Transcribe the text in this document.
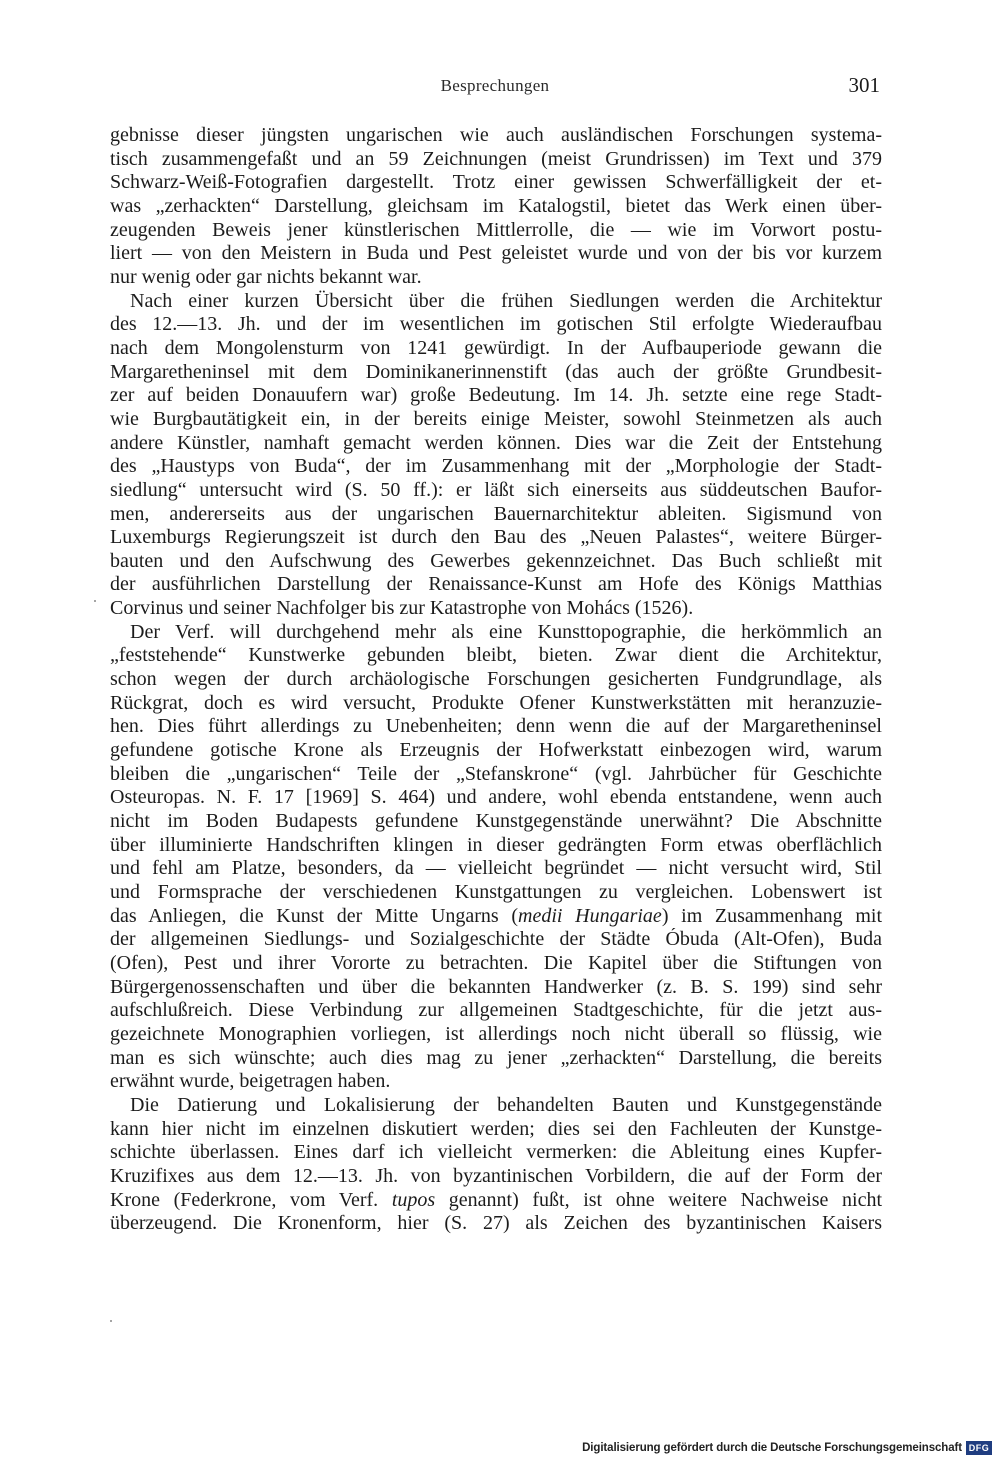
Besprechungen	301
gebnisse dieser jüngsten ungarischen wie auch ausländischen Forschungen systema-
tisch zusammengefaßt und an 59 Zeichnungen (meist Grundrissen) im Text und 379
Schwarz-Weiß-Fotografien dargestellt. Trotz einer gewissen Schwerfälligkeit der et-
was „zerhackten“ Darstellung, gleichsam im Katalogstil, bietet das Werk einen über-
zeugenden Beweis jener künstlerischen Mittlerrolle, die — wie im Vorwort postu-
liert — von den Meistern in Buda und Pest geleistet wurde und von der bis vor kurzem
nur wenig oder gar nichts bekannt war.
Nach einer kurzen Übersicht über die frühen Siedlungen werden die Architektur
des 12.—13. Jh. und der im wesentlichen im gotischen Stil erfolgte Wiederaufbau
nach dem Mongolensturm von 1241 gewürdigt. In der Aufbauperiode gewann die
Margaretheninsel mit dem Dominikanerinnenstift (das auch der größte Grundbesit-
zer auf beiden Donauufern war) große Bedeutung. Im 14. Jh. setzte eine rege Stadt-
wie Burgbautätigkeit ein, in der bereits einige Meister, sowohl Steinmetzen als auch
andere Künstler, namhaft gemacht werden können. Dies war die Zeit der Entstehung
des „Haustyps von Buda“, der im Zusammenhang mit der „Morphologie der Stadt-
siedlung“ untersucht wird (S. 50 ff.): er läßt sich einerseits aus süddeutschen Baufor-
men, andererseits aus der ungarischen Bauernarchitektur ableiten. Sigismund von
Luxemburgs Regierungszeit ist durch den Bau des „Neuen Palastes“, weitere Bürger-
bauten und den Aufschwung des Gewerbes gekennzeichnet. Das Buch schließt mit
der ausführlichen Darstellung der Renaissance-Kunst am Hofe des Königs Matthias
Corvinus und seiner Nachfolger bis zur Katastrophe von Mohács (1526).
Der Verf. will durchgehend mehr als eine Kunsttopographie, die herkömmlich an
„feststehende“ Kunstwerke gebunden bleibt, bieten. Zwar dient die Architektur,
schon wegen der durch archäologische Forschungen gesicherten Fundgrundlage, als
Rückgrat, doch es wird versucht, Produkte Ofener Kunstwerkstätten mit heranzuzie-
hen. Dies führt allerdings zu Unebenheiten; denn wenn die auf der Margaretheninsel
gefundene gotische Krone als Erzeugnis der Hofwerkstatt einbezogen wird, warum
bleiben die „ungarischen“ Teile der „Stefanskrone“ (vgl. Jahrbücher für Geschichte
Osteuropas. N. F. 17 [1969] S. 464) und andere, wohl ebenda entstandene, wenn auch
nicht im Boden Budapests gefundene Kunstgegenstände unerwähnt? Die Abschnitte
über illuminierte Handschriften klingen in dieser gedrängten Form etwas oberflächlich
und fehl am Platze, besonders, da — vielleicht begründet — nicht versucht wird, Stil
und Formsprache der verschiedenen Kunstgattungen zu vergleichen. Lobenswert ist
das Anliegen, die Kunst der Mitte Ungarns (medii Hungariae) im Zusammenhang mit
der allgemeinen Siedlungs- und Sozialgeschichte der Städte Óbuda (Alt-Ofen), Buda
(Ofen), Pest und ihrer Vororte zu betrachten. Die Kapitel über die Stiftungen von
Bürgergenossenschaften und über die bekannten Handwerker (z. B. S. 199) sind sehr
aufschlußreich. Diese Verbindung zur allgemeinen Stadtgeschichte, für die jetzt aus-
gezeichnete Monographien vorliegen, ist allerdings noch nicht überall so flüssig, wie
man es sich wünschte; auch dies mag zu jener „zerhackten“ Darstellung, die bereits
erwähnt wurde, beigetragen haben.
Die Datierung und Lokalisierung der behandelten Bauten und Kunstgegenstände
kann hier nicht im einzelnen diskutiert werden; dies sei den Fachleuten der Kunstge-
schichte überlassen. Eines darf ich vielleicht vermerken: die Ableitung eines Kupfer-
Kruzifixes aus dem 12.—13. Jh. von byzantinischen Vorbildern, die auf der Form der
Krone (Federkrone, vom Verf. tupos genannt) fußt, ist ohne weitere Nachweise nicht
überzeugend. Die Kronenform, hier (S. 27) als Zeichen des byzantinischen Kaisers
Digitalisierung gefördert durch die Deutsche Forschungsgemeinschaft DFG
